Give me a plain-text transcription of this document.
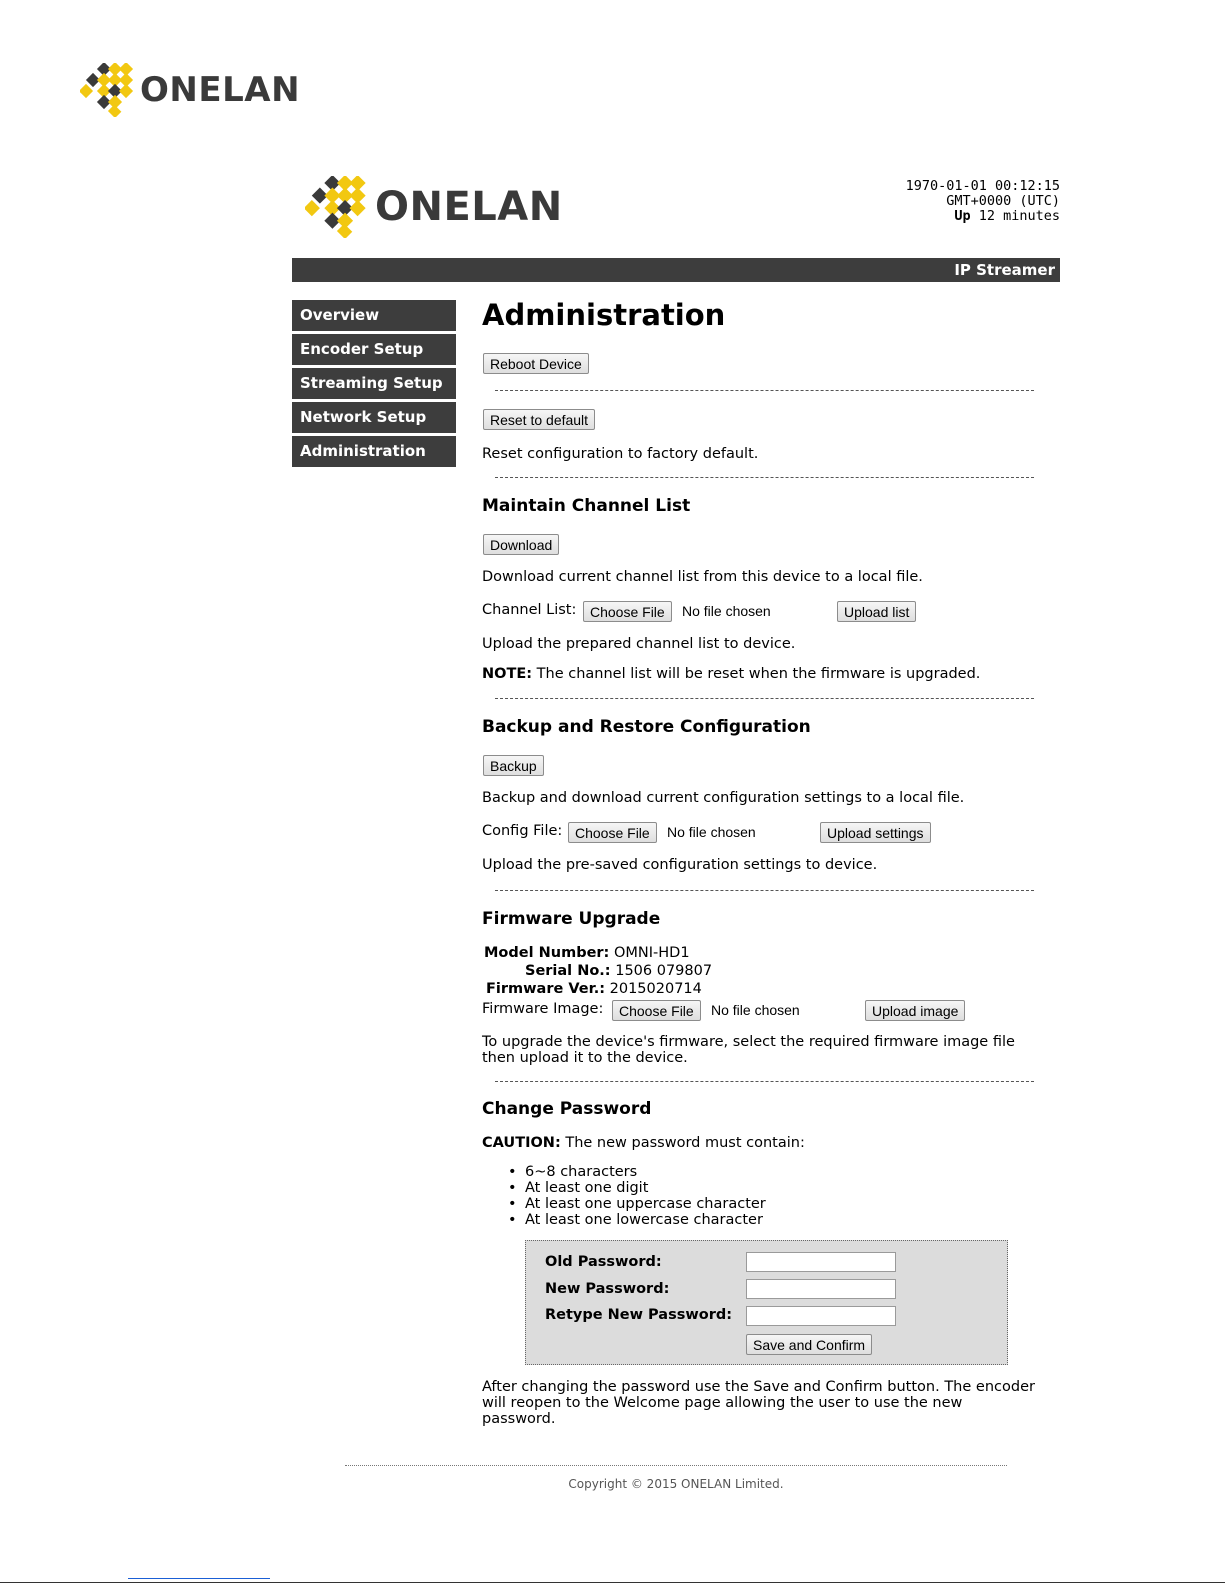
ONELAN
ONELAN	1970-01-01 00:12:15
GMT+0000 (UTC)
Up 12 minutes
IP Streamer
Overview
Encoder Setup
Streaming Setup
Network Setup
Administration
Administration
Reboot Device
Reset to default
Reset configuration to factory default.
Maintain Channel List
Download
Download current channel list from this device to a local file.
Channel List: Choose File	No file chosen	Upload list
Upload the prepared channel list to device.
NOTE: The channel list will be reset when the firmware is upgraded.
Backup and Restore Configuration
Backup
Backup and download current configuration settings to a local file.
Config File: Choose File	No file chosen	Upload settings
Upload the pre-saved configuration settings to device.
Firmware Upgrade
Model Number: OMNI-HD1
Serial No.: 1506 079807
Firmware Ver.: 2015020714
Firmware Image:	Choose File	No file chosen	Upload image
To upgrade the device's firmware, select the required firmware image file
then upload it to the device.
Change Password
CAUTION: The new password must contain:
• 6~8 characters
• At least one digit
• At least one uppercase character
• At least one lowercase character
Old Password:
New Password:
Retype New Password:
Save and Confirm
After changing the password use the Save and Confirm button. The encoder
will reopen to the Welcome page allowing the user to use the new
password.
Copyright © 2015 ONELAN Limited.
